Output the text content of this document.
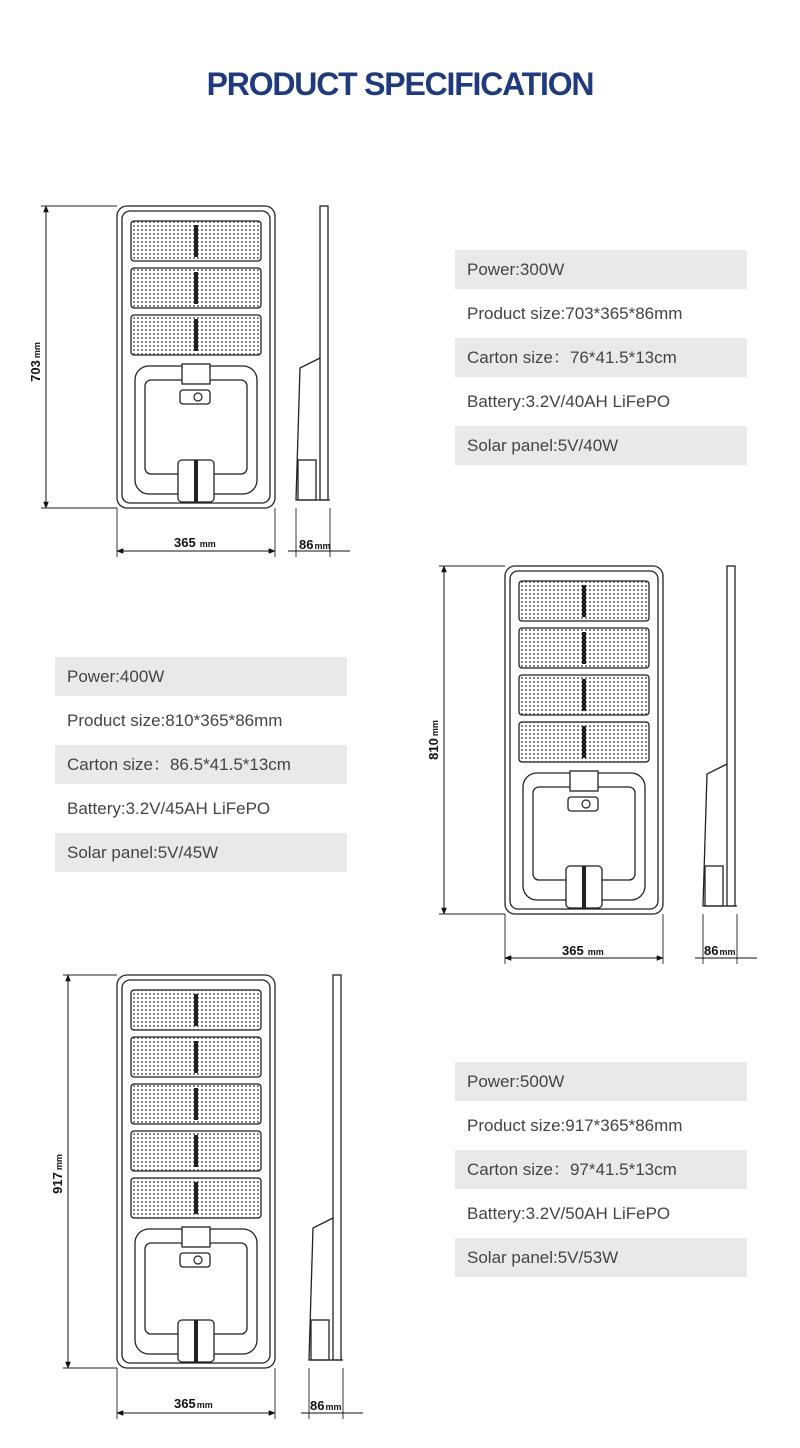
PRODUCT SPECIFICATION
Power:300W
Product size:703*365*86mm
Carton size：76*41.5*13cm
Battery:3.2V/40AH LiFePO
Solar panel:5V/40W
Power:400W
Product size:810*365*86mm
Carton size：86.5*41.5*13cm
Battery:3.2V/45AH LiFePO
Solar panel:5V/45W
Power:500W
Product size:917*365*86mm
Carton size：97*41.5*13cm
Battery:3.2V/50AH LiFePO
Solar panel:5V/53W
703mm
365 mm	86mm
810mm
365 mm	86mm
917mm
365mm	86mm
